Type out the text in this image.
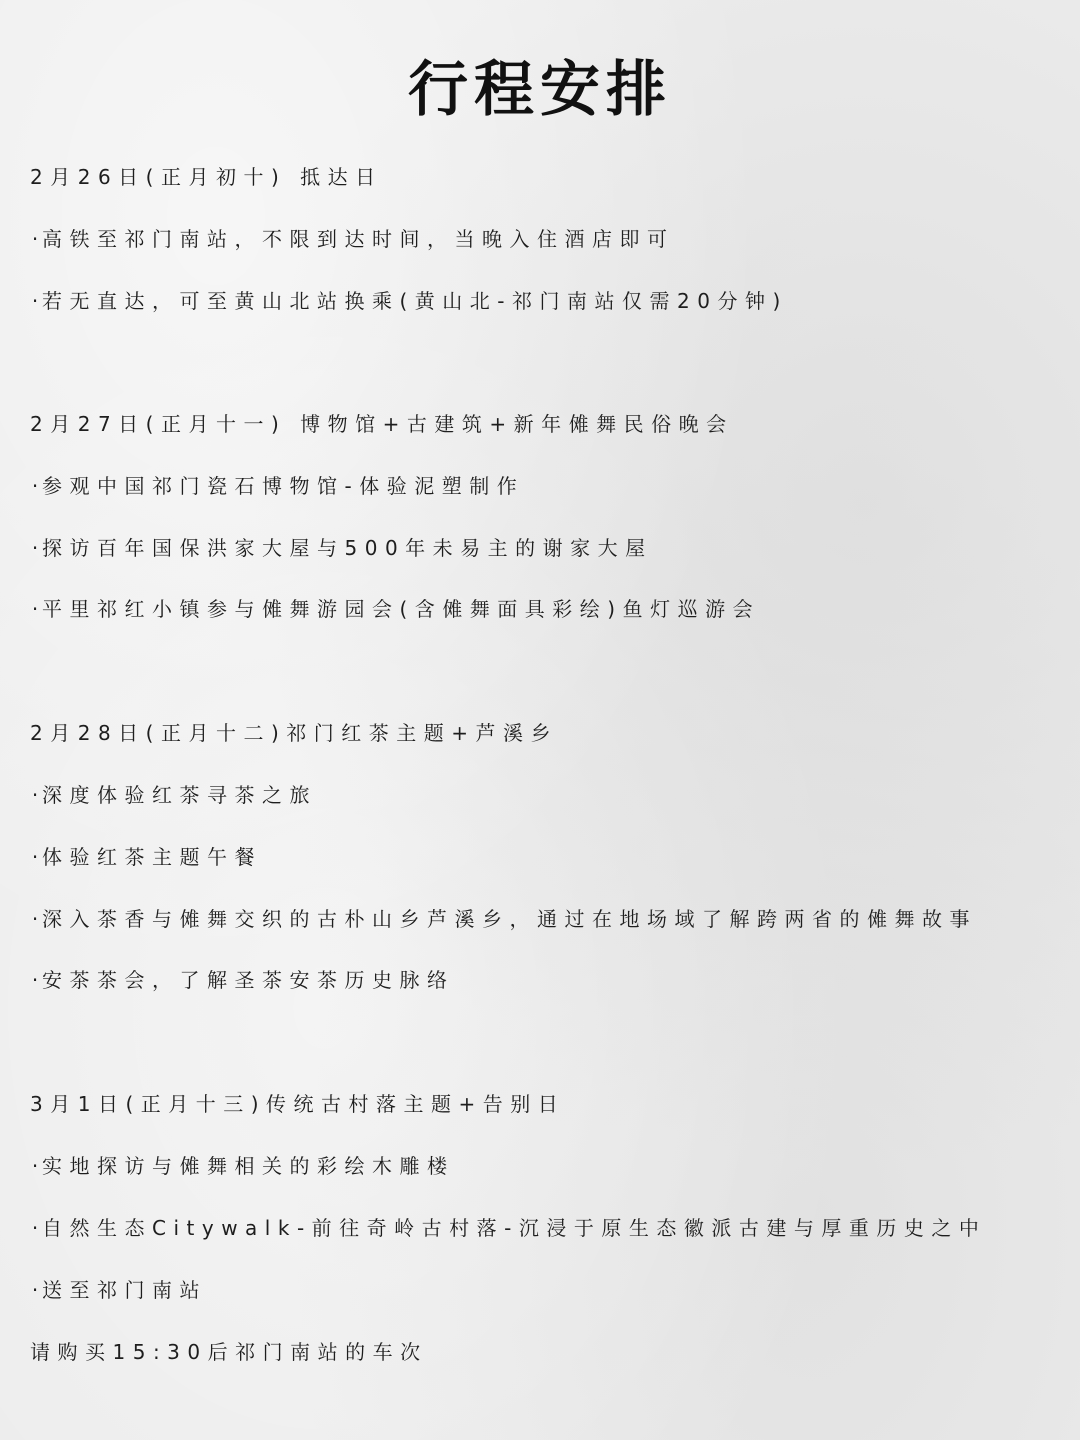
行程安排
2月26日(正月初十) 抵达日
· 高铁至祁门南站，不限到达时间，当晚入住酒店即可
· 若无直达，可至黄山北站换乘(黄山北-祁门南站仅需20分钟)
2月27日(正月十一) 博物馆+古建筑+新年傩舞民俗晚会
· 参观中国祁门瓷石博物馆-体验泥塑制作
· 探访百年国保洪家大屋与500年未易主的谢家大屋
· 平里祁红小镇参与傩舞游园会(含傩舞面具彩绘)鱼灯巡游会
2月28日(正月十二)祁门红茶主题+芦溪乡
· 深度体验红茶寻茶之旅
· 体验红茶主题午餐
· 深入茶香与傩舞交织的古朴山乡芦溪乡，通过在地场域了解跨两省的傩舞故事
· 安茶茶会，了解圣茶安茶历史脉络
3月1日(正月十三)传统古村落主题+告别日
· 实地探访与傩舞相关的彩绘木雕楼
· 自然生态Citywalk-前往奇岭古村落-沉浸于原生态徽派古建与厚重历史之中
· 送至祁门南站
请购买15:30后祁门南站的车次
